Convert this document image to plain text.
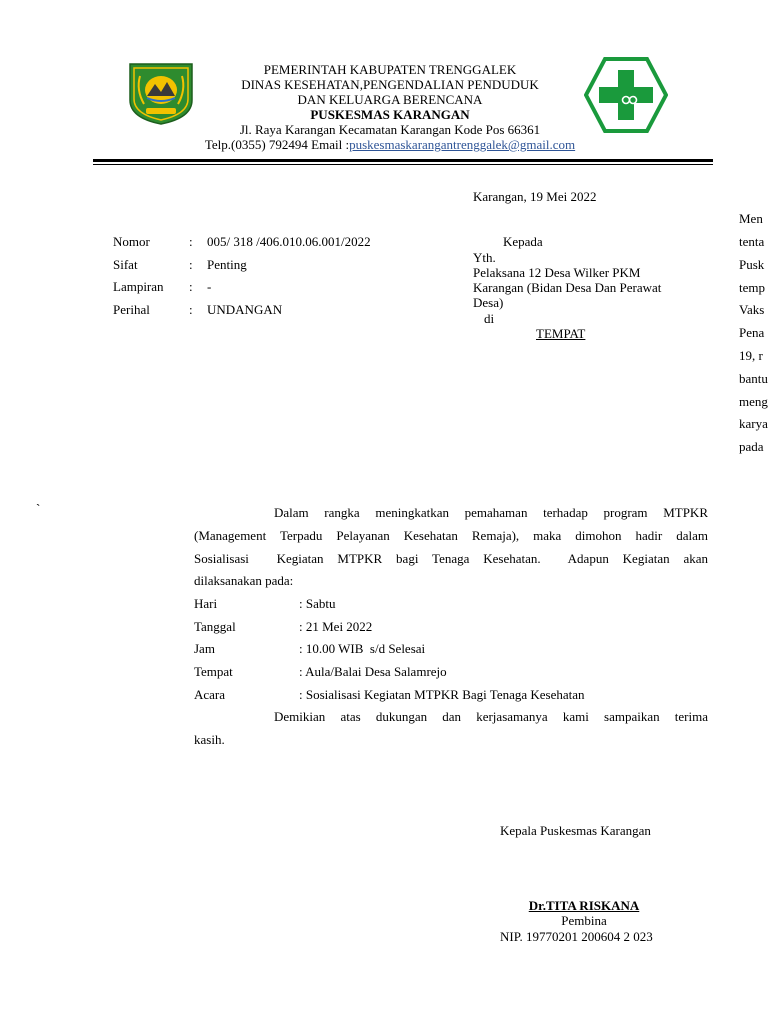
PEMERINTAH KABUPATEN TRENGGALEK
DINAS KESEHATAN,PENGENDALIAN PENDUDUK
DAN KELUARGA BERENCANA
PUSKESMAS KARANGAN
Jl. Raya Karangan Kecamatan Karangan Kode Pos 66361
Telp.(0355) 792494 Email :puskesmaskarangantrenggalek@gmail.com
Karangan, 19 Mei 2022
Nomor	: 005/ 318 /406.010.06.001/2022
Sifat	: Penting
Lampiran : -
Perihal	: UNDANGAN
Kepada
Yth.
Pelaksana 12 Desa Wilker PKM
Karangan (Bidan Desa Dan Perawat
Desa)
di
TEMPAT
Men
tenta
Pusk
temp
Vaks
Pena
19, r
bantu
meng
karya
pada
`	Dalam rangka meningkatkan pemahaman terhadap program MTPKR
(Management Terpadu Pelayanan Kesehatan Remaja), maka dimohon hadir dalam
Sosialisasi  Kegiatan MTPKR bagi Tenaga Kesehatan.  Adapun Kegiatan akan
dilaksanakan pada:
Hari	: Sabtu
Tanggal	: 21 Mei 2022
Jam	: 10.00 WIB  s/d Selesai
Tempat	: Aula/Balai Desa Salamrejo
Acara	: Sosialisasi Kegiatan MTPKR Bagi Tenaga Kesehatan
Demikian atas dukungan dan kerjasamanya kami sampaikan terima
kasih.
Kepala Puskesmas Karangan
Dr.TITA RISKANA
Pembina
NIP. 19770201 200604 2 023
